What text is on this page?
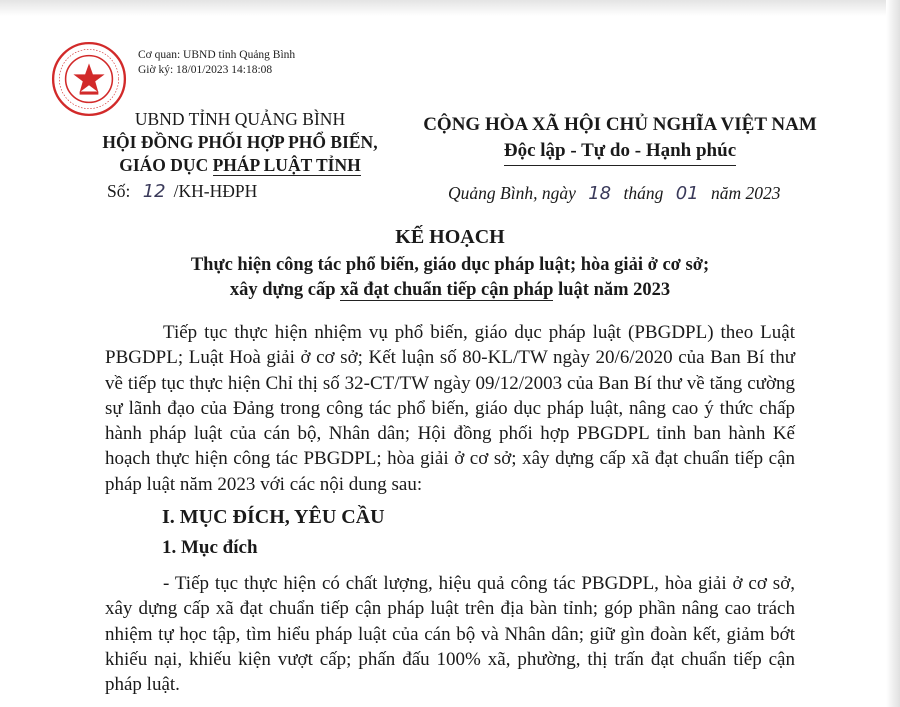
Cơ quan: UBND tỉnh Quảng Bình
Giờ ký: 18/01/2023 14:18:08
UBND TỈNH QUẢNG BÌNH
HỘI ĐỒNG PHỐI HỢP PHỔ BIẾN,
GIÁO DỤC PHÁP LUẬT TỈNH
CỘNG HÒA XÃ HỘI CHỦ NGHĨA VIỆT NAM
Độc lập - Tự do - Hạnh phúc
Số: 12 /KH-HĐPH	Quảng Bình, ngày 18 tháng 01 năm 2023
KẾ HOẠCH
Thực hiện công tác phổ biến, giáo dục pháp luật; hòa giải ở cơ sở;
xây dựng cấp xã đạt chuẩn tiếp cận pháp luật năm 2023
Tiếp tục thực hiện nhiệm vụ phổ biến, giáo dục pháp luật (PBGDPL) theo Luật PBGDPL; Luật Hoà giải ở cơ sở; Kết luận số 80-KL/TW ngày 20/6/2020 của Ban Bí thư về tiếp tục thực hiện Chỉ thị số 32-CT/TW ngày 09/12/2003 của Ban Bí thư về tăng cường sự lãnh đạo của Đảng trong công tác phổ biến, giáo dục pháp luật, nâng cao ý thức chấp hành pháp luật của cán bộ, Nhân dân; Hội đồng phối hợp PBGDPL tỉnh ban hành Kế hoạch thực hiện công tác PBGDPL; hòa giải ở cơ sở; xây dựng cấp xã đạt chuẩn tiếp cận pháp luật năm 2023 với các nội dung sau:
I. MỤC ĐÍCH, YÊU CẦU
1. Mục đích
- Tiếp tục thực hiện có chất lượng, hiệu quả công tác PBGDPL, hòa giải ở cơ sở, xây dựng cấp xã đạt chuẩn tiếp cận pháp luật trên địa bàn tỉnh; góp phần nâng cao trách nhiệm tự học tập, tìm hiểu pháp luật của cán bộ và Nhân dân; giữ gìn đoàn kết, giảm bớt khiếu nại, khiếu kiện vượt cấp; phấn đấu 100% xã, phường, thị trấn đạt chuẩn tiếp cận pháp luật.
